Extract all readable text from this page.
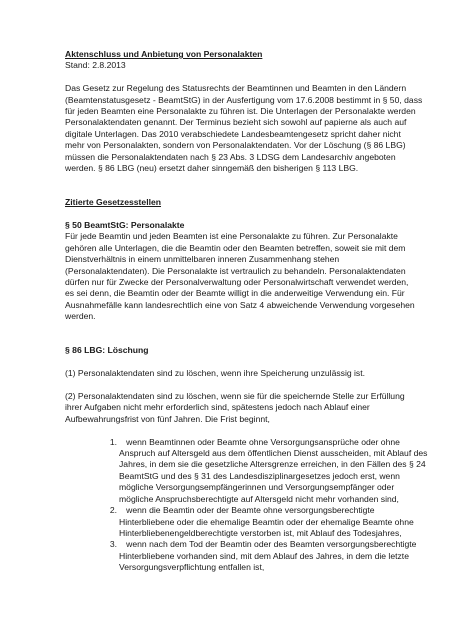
Aktenschluss und Anbietung von Personalakten

Stand: 2.8.2013

Das Gesetz zur Regelung des Statusrechts der Beamtinnen und Beamten in den Ländern
(Beamtenstatusgesetz - BeamtStG) in der Ausfertigung vom 17.6.2008 bestimmt in § 50, dass
für jeden Beamten eine Personalakte zu führen ist. Die Unterlagen der Personalakte werden
Personalaktendaten genannt. Der Terminus bezieht sich sowohl auf papierne als auch auf
digitale Unterlagen. Das 2010 verabschiedete Landesbeamtengesetz spricht daher nicht
mehr von Personalakten, sondern von Personalaktendaten. Vor der Löschung (§ 86 LBG)
müssen die Personalaktendaten nach § 23 Abs. 3 LDSG dem Landesarchiv angeboten
werden. § 86 LBG (neu) ersetzt daher sinngemäß den bisherigen § 113 LBG.

Zitierte Gesetzesstellen

§ 50 BeamtStG: Personalakte

Für jede Beamtin und jeden Beamten ist eine Personalakte zu führen. Zur Personalakte
gehören alle Unterlagen, die die Beamtin oder den Beamten betreffen, soweit sie mit dem
Dienstverhältnis in einem unmittelbaren inneren Zusammenhang stehen
(Personalaktendaten). Die Personalakte ist vertraulich zu behandeln. Personalaktendaten
dürfen nur für Zwecke der Personalverwaltung oder Personalwirtschaft verwendet werden,
es sei denn, die Beamtin oder der Beamte willigt in die anderweitige Verwendung ein. Für
Ausnahmefälle kann landesrechtlich eine von Satz 4 abweichende Verwendung vorgesehen
werden.

§ 86 LBG: Löschung

(1) Personalaktendaten sind zu löschen, wenn ihre Speicherung unzulässig ist.

(2) Personalaktendaten sind zu löschen, wenn sie für die speichernde Stelle zur Erfüllung
ihrer Aufgaben nicht mehr erforderlich sind, spätestens jedoch nach Ablauf einer
Aufbewahrungsfrist von fünf Jahren. Die Frist beginnt,

1.	wenn Beamtinnen oder Beamte ohne Versorgungsansprüche oder ohne
Anspruch auf Altersgeld aus dem öffentlichen Dienst ausscheiden, mit Ablauf des
Jahres, in dem sie die gesetzliche Altersgrenze erreichen, in den Fällen des § 24
BeamtStG und des § 31 des Landesdisziplinargesetzes jedoch erst, wenn
mögliche Versorgungsempfängerinnen und Versorgungsempfänger oder
mögliche Anspruchsberechtigte auf Altersgeld nicht mehr vorhanden sind,
2.	wenn die Beamtin oder der Beamte ohne versorgungsberechtigte
Hinterbliebene oder die ehemalige Beamtin oder der ehemalige Beamte ohne
Hinterbliebenengeldberechtigte verstorben ist, mit Ablauf des Todesjahres,
3.	wenn nach dem Tod der Beamtin oder des Beamten versorgungsberechtigte
Hinterbliebene vorhanden sind, mit dem Ablauf des Jahres, in dem die letzte
Versorgungsverpflichtung entfallen ist,
